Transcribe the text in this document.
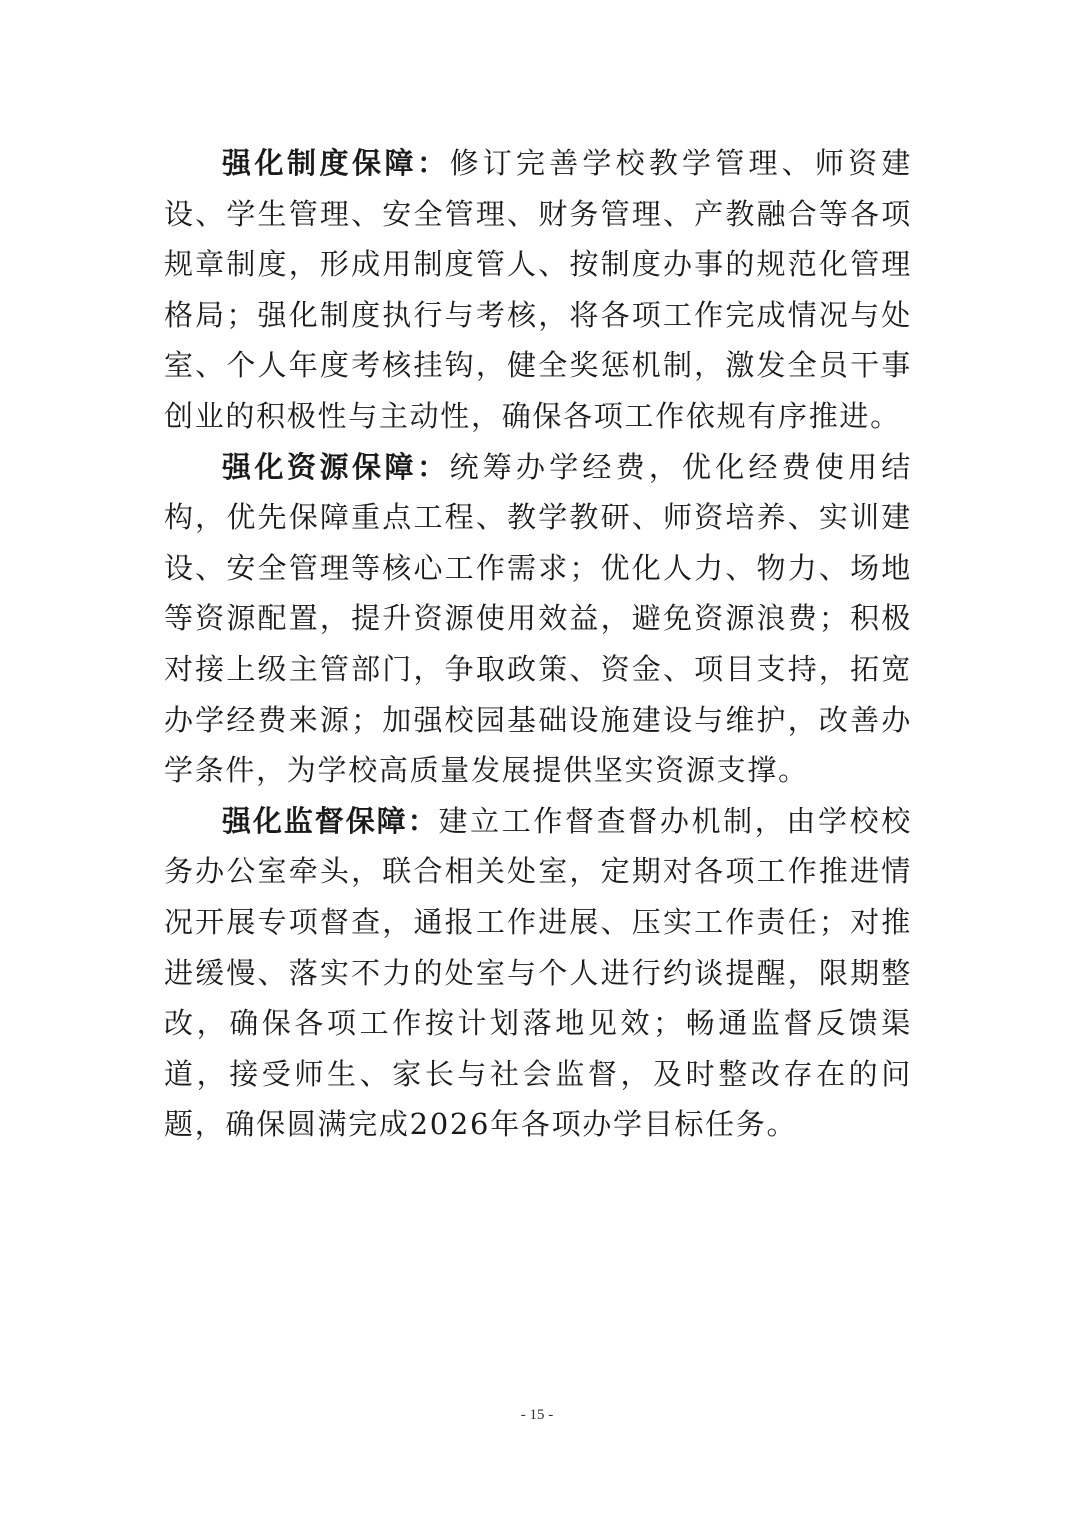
强化制度保障：修订完善学校教学管理、师资建设、学生管理、安全管理、财务管理、产教融合等各项规章制度，形成用制度管人、按制度办事的规范化管理格局；强化制度执行与考核，将各项工作完成情况与处室、个人年度考核挂钩，健全奖惩机制，激发全员干事创业的积极性与主动性，确保各项工作依规有序推进。

强化资源保障：统筹办学经费，优化经费使用结构，优先保障重点工程、教学教研、师资培养、实训建设、安全管理等核心工作需求；优化人力、物力、场地等资源配置，提升资源使用效益，避免资源浪费；积极对接上级主管部门，争取政策、资金、项目支持，拓宽办学经费来源；加强校园基础设施建设与维护，改善办学条件，为学校高质量发展提供坚实资源支撑。

强化监督保障：建立工作督查督办机制，由学校校务办公室牵头，联合相关处室，定期对各项工作推进情况开展专项督查，通报工作进展、压实工作责任；对推进缓慢、落实不力的处室与个人进行约谈提醒，限期整改，确保各项工作按计划落地见效；畅通监督反馈渠道，接受师生、家长与社会监督，及时整改存在的问题，确保圆满完成2026年各项办学目标任务。

- 15 -
